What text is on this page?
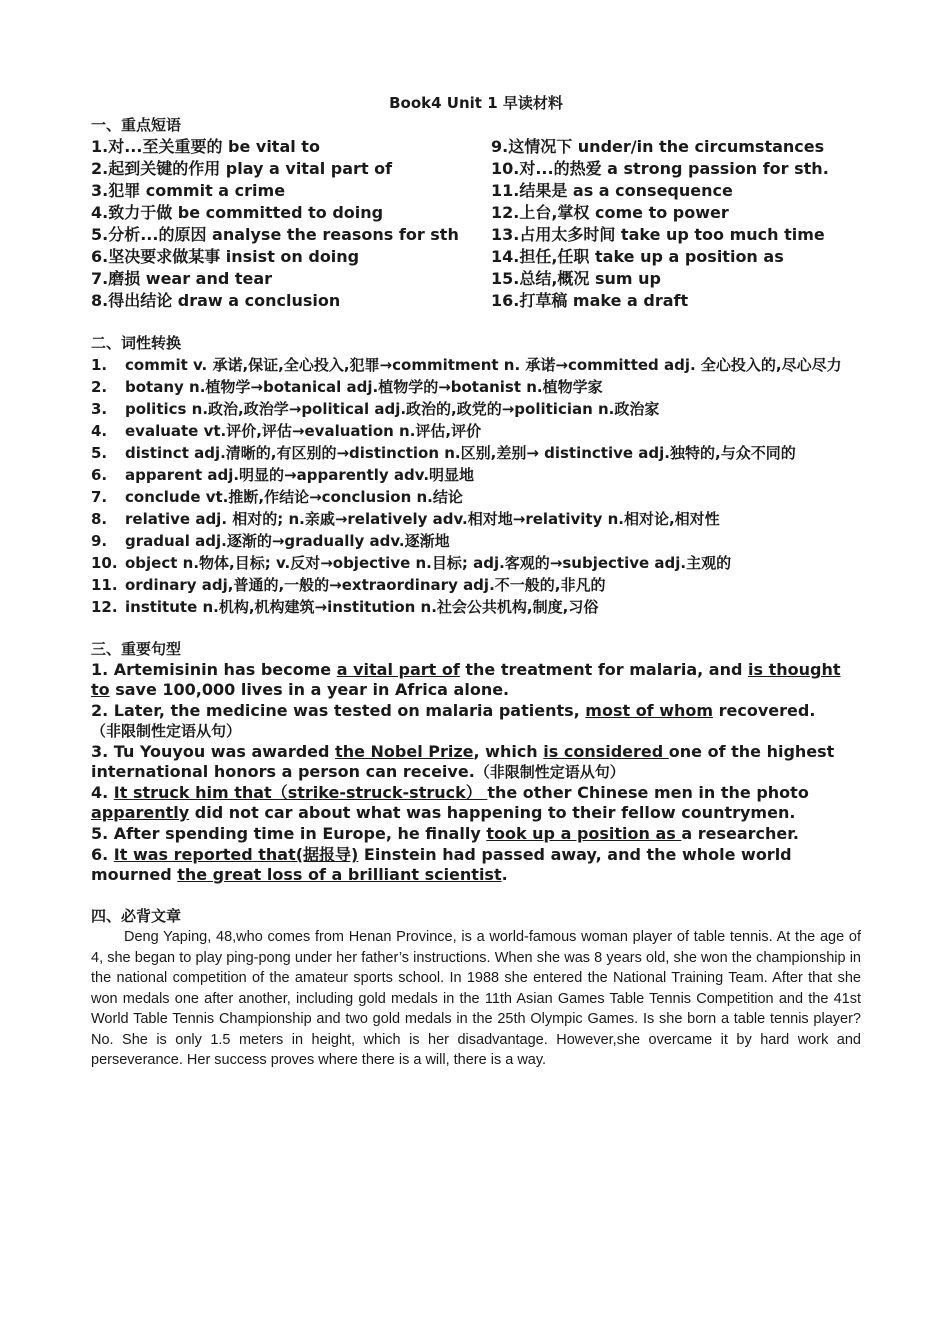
Book4 Unit 1 早读材料
一、重点短语

1.对...至关重要的 be vital to

2.起到关键的作用 play a vital part of

3.犯罪 commit a crime

4.致力于做 be committed to doing

5.分析...的原因 analyse the reasons for sth

6.坚决要求做某事 insist on doing

7.磨损 wear and tear

8.得出结论 draw a conclusion

9.这情况下 under/in the circumstances

10.对...的热爱 a strong passion for sth.

11.结果是 as a consequence

12.上台,掌权 come to power

13.占用太多时间 take up too much time

14.担任,任职 take up a position as

15.总结,概况 sum up

16.打草稿 make a draft

二、词性转换
1.	commit v. 承诺,保证,全心投入,犯罪→commitment n. 承诺→committed adj. 全心投入的,尽心尽力
2.	botany n.植物学→botanical adj.植物学的→botanist n.植物学家
3.	politics n.政治,政治学→political adj.政治的,政党的→politician n.政治家
4.	evaluate vt.评价,评估→evaluation n.评估,评价
5.	distinct adj.清晰的,有区别的→distinction n.区别,差别→ distinctive adj.独特的,与众不同的
6.	apparent adj.明显的→apparently adv.明显地
7.	conclude vt.推断,作结论→conclusion n.结论
8.	relative adj. 相对的; n.亲戚→relatively adv.相对地→relativity n.相对论,相对性
9.	gradual adj.逐渐的→gradually adv.逐渐地
10. object n.物体,目标; v.反对→objective n.目标; adj.客观的→subjective adj.主观的
11. ordinary adj,普通的,一般的→extraordinary adj.不一般的,非凡的
12. institute n.机构,机构建筑→institution n.社会公共机构,制度,习俗
三、重要句型

1. Artemisinin has become a vital part of the treatment for malaria, and is thought to save 100,000 lives in a year in Africa alone.

2. Later, the medicine was tested on malaria patients, most of whom recovered.
（非限制性定语从句）

3. Tu Youyou was awarded the Nobel Prize, which is considered one of the highest international honors a person can receive.（非限制性定语从句）

4. It struck him that（strike-struck-struck） the other Chinese men in the photo apparently did not car about what was happening to their fellow countrymen.

5. After spending time in Europe, he finally took up a position as a researcher.

6. It was reported that(据报导) Einstein had passed away, and the whole world mourned the great loss of a brilliant scientist.

四、必背文章

Deng Yaping, 48,who comes from Henan Province, is a world-famous woman player of table tennis. At the age of 4, she began to play ping-pong under her father’s instructions. When she was 8 years old, she won the championship in the national competition of the amateur sports school. In 1988 she entered the National Training Team. After that she won medals one after another, including gold medals in the 11th Asian Games Table Tennis Competition and the 41st World Table Tennis Championship and two gold medals in the 25th Olympic Games. Is she born a table tennis player? No. She is only 1.5 meters in height, which is her disadvantage. However,she overcame it by hard work and perseverance. Her success proves where there is a will, there is a way.
